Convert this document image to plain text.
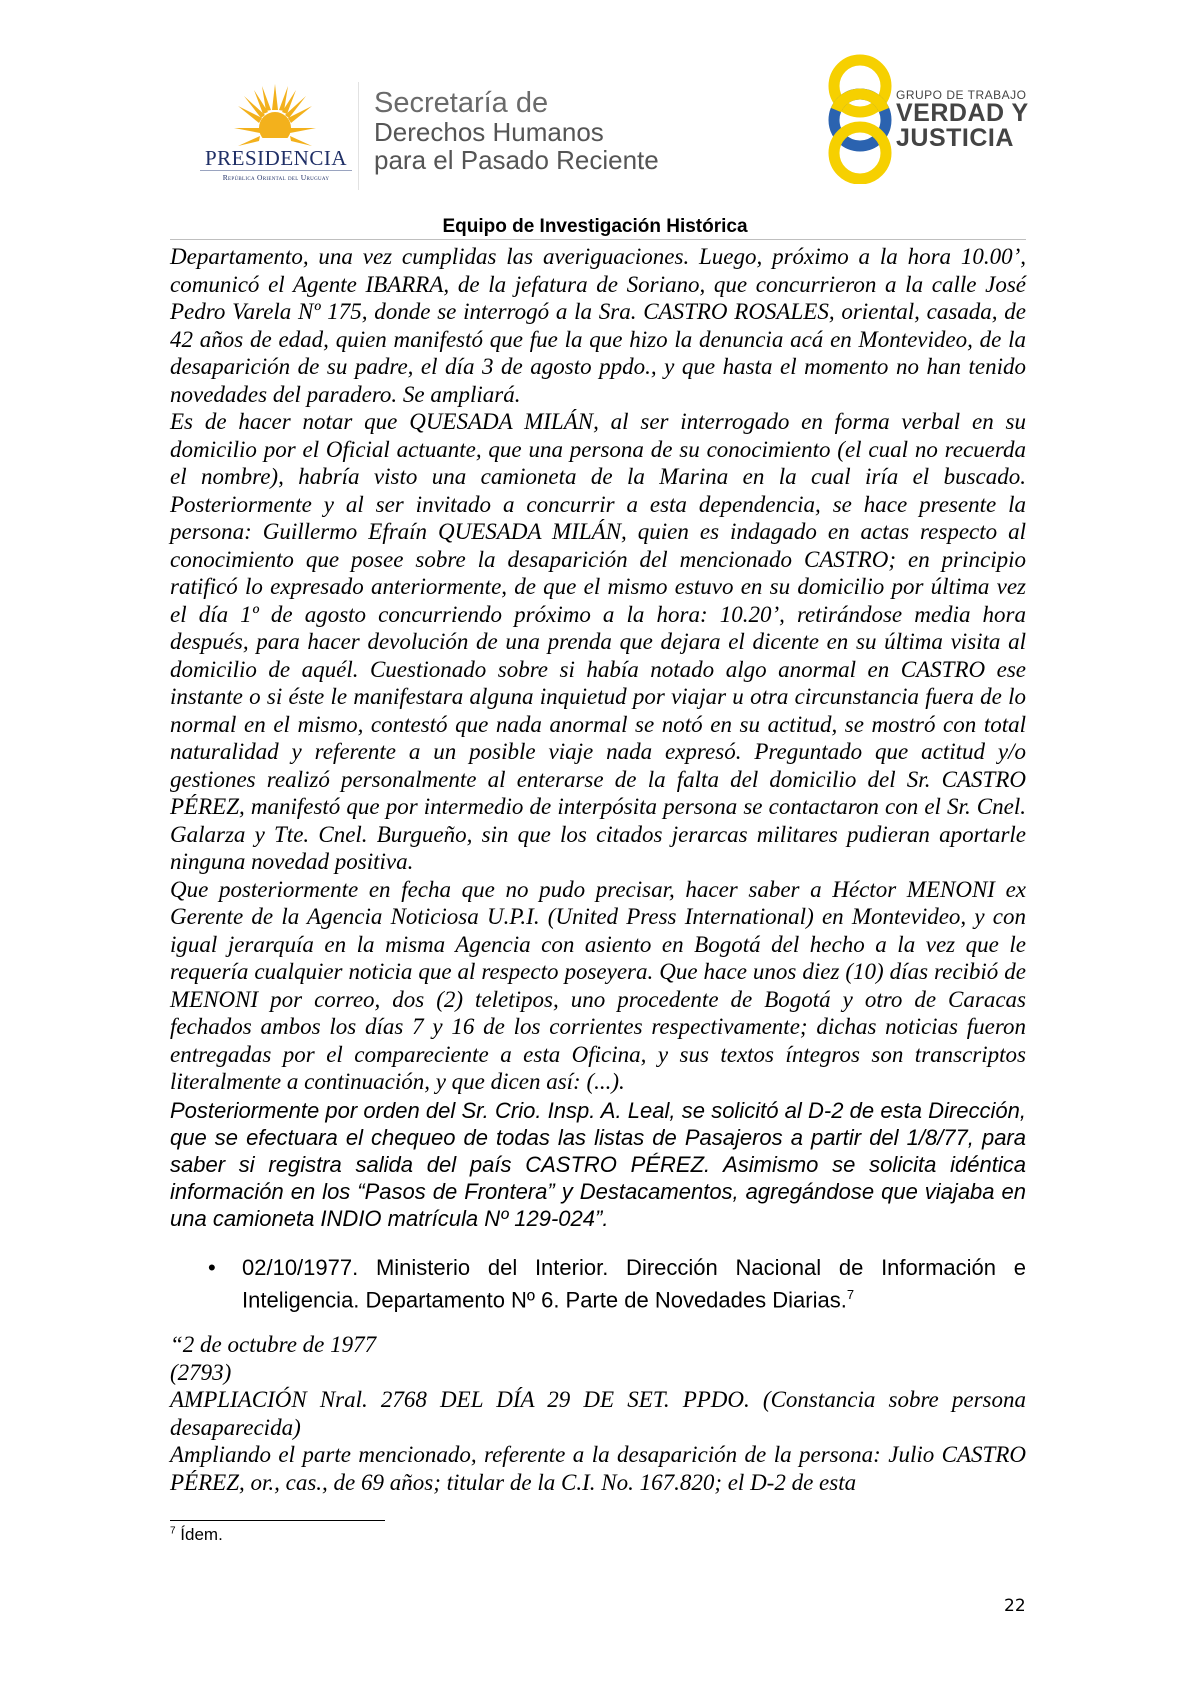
PRESIDENCIA
República Oriental del Uruguay
Secretaría de
Derechos Humanos
para el Pasado Reciente
GRUPO DE TRABAJO
VERDAD Y
JUSTICIA
Equipo de Investigación Histórica

Departamento, una vez cumplidas las averiguaciones. Luego, próximo a la hora 10.00’, comunicó el Agente IBARRA, de la jefatura de Soriano, que concurrieron a la calle José Pedro Varela Nº 175, donde se interrogó a la Sra. CASTRO ROSALES, oriental, casada, de 42 años de edad, quien manifestó que fue la que hizo la denuncia acá en Montevideo, de la desaparición de su padre, el día 3 de agosto ppdo., y que hasta el momento no han tenido novedades del paradero. Se ampliará.

Es de hacer notar que QUESADA MILÁN, al ser interrogado en forma verbal en su domicilio por el Oficial actuante, que una persona de su conocimiento (el cual no recuerda el nombre), habría visto una camioneta de la Marina en la cual iría el buscado. Posteriormente y al ser invitado a concurrir a esta dependencia, se hace presente la persona: Guillermo Efraín QUESADA MILÁN, quien es indagado en actas respecto al conocimiento que posee sobre la desaparición del mencionado CASTRO; en principio ratificó lo expresado anteriormente, de que el mismo estuvo en su domicilio por última vez el día 1º de agosto concurriendo próximo a la hora: 10.20’, retirándose media hora después, para hacer devolución de una prenda que dejara el dicente en su última visita al domicilio de aquél. Cuestionado sobre si había notado algo anormal en CASTRO ese instante o si éste le manifestara alguna inquietud por viajar u otra circunstancia fuera de lo normal en el mismo, contestó que nada anormal se notó en su actitud, se mostró con total naturalidad y referente a un posible viaje nada expresó. Preguntado que actitud y/o gestiones realizó personalmente al enterarse de la falta del domicilio del Sr. CASTRO PÉREZ, manifestó que por intermedio de interpósita persona se contactaron con el Sr. Cnel. Galarza y Tte. Cnel. Burgueño, sin que los citados jerarcas militares pudieran aportarle ninguna novedad positiva.

Que posteriormente en fecha que no pudo precisar, hacer saber a Héctor MENONI ex Gerente de la Agencia Noticiosa U.P.I. (United Press International) en Montevideo, y con igual jerarquía en la misma Agencia con asiento en Bogotá del hecho a la vez que le requería cualquier noticia que al respecto poseyera. Que hace unos diez (10) días recibió de MENONI por correo, dos (2) teletipos, uno procedente de Bogotá y otro de Caracas fechados ambos los días 7 y 16 de los corrientes respectivamente; dichas noticias fueron entregadas por el compareciente a esta Oficina, y sus textos íntegros son transcriptos literalmente a continuación, y que dicen así: (...).

Posteriormente por orden del Sr. Crio. Insp. A. Leal, se solicitó al D-2 de esta Dirección, que se efectuara el chequeo de todas las listas de Pasajeros a partir del 1/8/77, para saber si registra salida del país CASTRO PÉREZ. Asimismo se solicita idéntica información en los “Pasos de Frontera” y Destacamentos, agregándose que viajaba en una camioneta INDIO matrícula Nº 129-024”.

• 02/10/1977. Ministerio del Interior. Dirección Nacional de Información e Inteligencia. Departamento Nº 6. Parte de Novedades Diarias.$^7$

“2 de octubre de 1977

(2793)

AMPLIACIÓN Nral. 2768 DEL DÍA 29 DE SET. PPDO. (Constancia sobre persona desaparecida)

Ampliando el parte mencionado, referente a la desaparición de la persona: Julio CASTRO PÉREZ, or., cas., de 69 años; titular de la C.I. No. 167.820; el D-2 de esta

$^7$ Ídem.
22
